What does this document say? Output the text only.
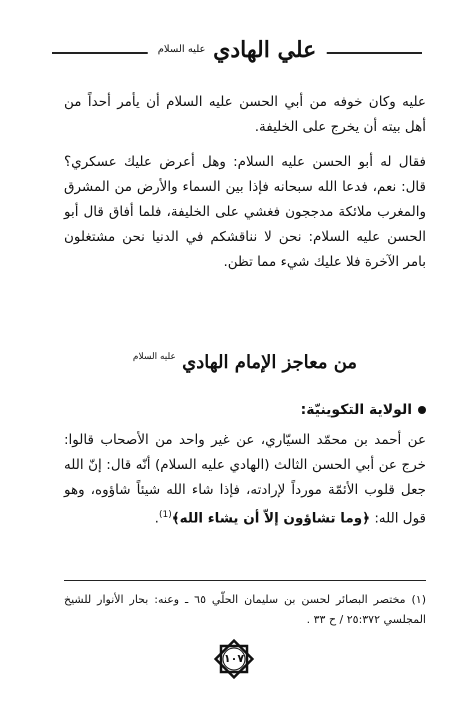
علي الهادي $^{عليه السلام}$
عليه وكان خوفه من أبي الحسن عليه السلام أن يأمر أحداً من أهل بيته أن يخرج على الخليفة.
فقال له أبو الحسن عليه السلام: وهل أعرض عليك عسكري؟ قال: نعم، فدعا الله سبحانه فإذا بين السماء والأرض من المشرق والمغرب ملائكة مدججون فغشي على الخليفة، فلما أفاق قال أبو الحسن عليه السلام: نحن لا نناقشكم في الدنيا نحن مشتغلون بامر الآخرة فلا عليك شيء مما تظن.
من معاجز الإمام الهادي $^{عليه السلام}$
الولاية التكوينيّة:
عن أحمد بن محمّد السيّاري، عن غير واحد من الأصحاب قالوا: خرج عن أبي الحسن الثالث (الهادي عليه السلام) أنّه قال: إنّ الله جعل قلوب الأئمّة مورداً لإرادته، فإذا شاء الله شيئاً شاؤوه، وهو قول الله: ﴿وما تشاؤون إلاّ أن يشاء الله﴾$^{(1)}$.
(١) مختصر البصائر لحسن بن سليمان الحلّي ٦٥ ـ وعنه: بحار الأنوار للشيخ المجلسي ٢٥:٣٧٢ / ح ٣٣ .
١٠٧
